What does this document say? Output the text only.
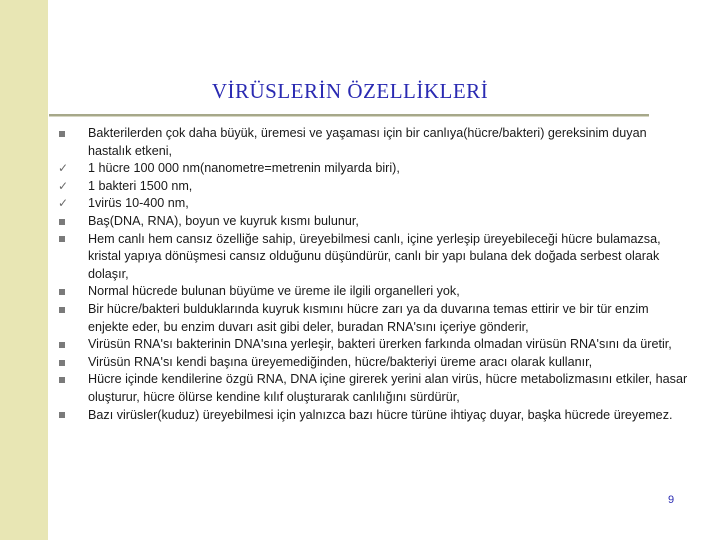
VİRÜSLERİN ÖZELLİKLERİ
Bakterilerden çok daha büyük, üremesi ve yaşaması için bir canlıya(hücre/bakteri) gereksinim duyan hastalık etkeni,
✓	1 hücre 100 000 nm(nanometre=metrenin milyarda biri),
✓	1 bakteri 1500 nm,
✓	1virüs 10-400 nm,
Baş(DNA, RNA), boyun ve kuyruk kısmı bulunur,
Hem canlı hem cansız özelliğe sahip, üreyebilmesi canlı, içine yerleşip üreyebileceği hücre bulamazsa, kristal yapıya dönüşmesi cansız olduğunu düşündürür, canlı bir yapı bulana dek doğada serbest olarak dolaşır,
Normal hücrede bulunan büyüme ve üreme ile ilgili organelleri yok,
Bir hücre/bakteri bulduklarında kuyruk kısmını hücre zarı ya da duvarına temas ettirir ve bir tür enzim enjekte eder, bu enzim duvarı asit gibi deler, buradan RNA'sını içeriye gönderir,
Virüsün RNA'sı bakterinin DNA'sına yerleşir, bakteri ürerken farkında olmadan virüsün RNA'sını da üretir,
Virüsün RNA'sı kendi başına üreyemediğinden, hücre/bakteriyi üreme aracı olarak kullanır,
Hücre içinde kendilerine özgü RNA, DNA içine girerek yerini alan virüs, hücre metabolizmasını etkiler, hasar oluşturur, hücre ölürse kendine kılıf oluşturarak canlılığını sürdürür,
Bazı virüsler(kuduz) üreyebilmesi için yalnızca bazı hücre türüne ihtiyaç duyar, başka hücrede üreyemez.
9
